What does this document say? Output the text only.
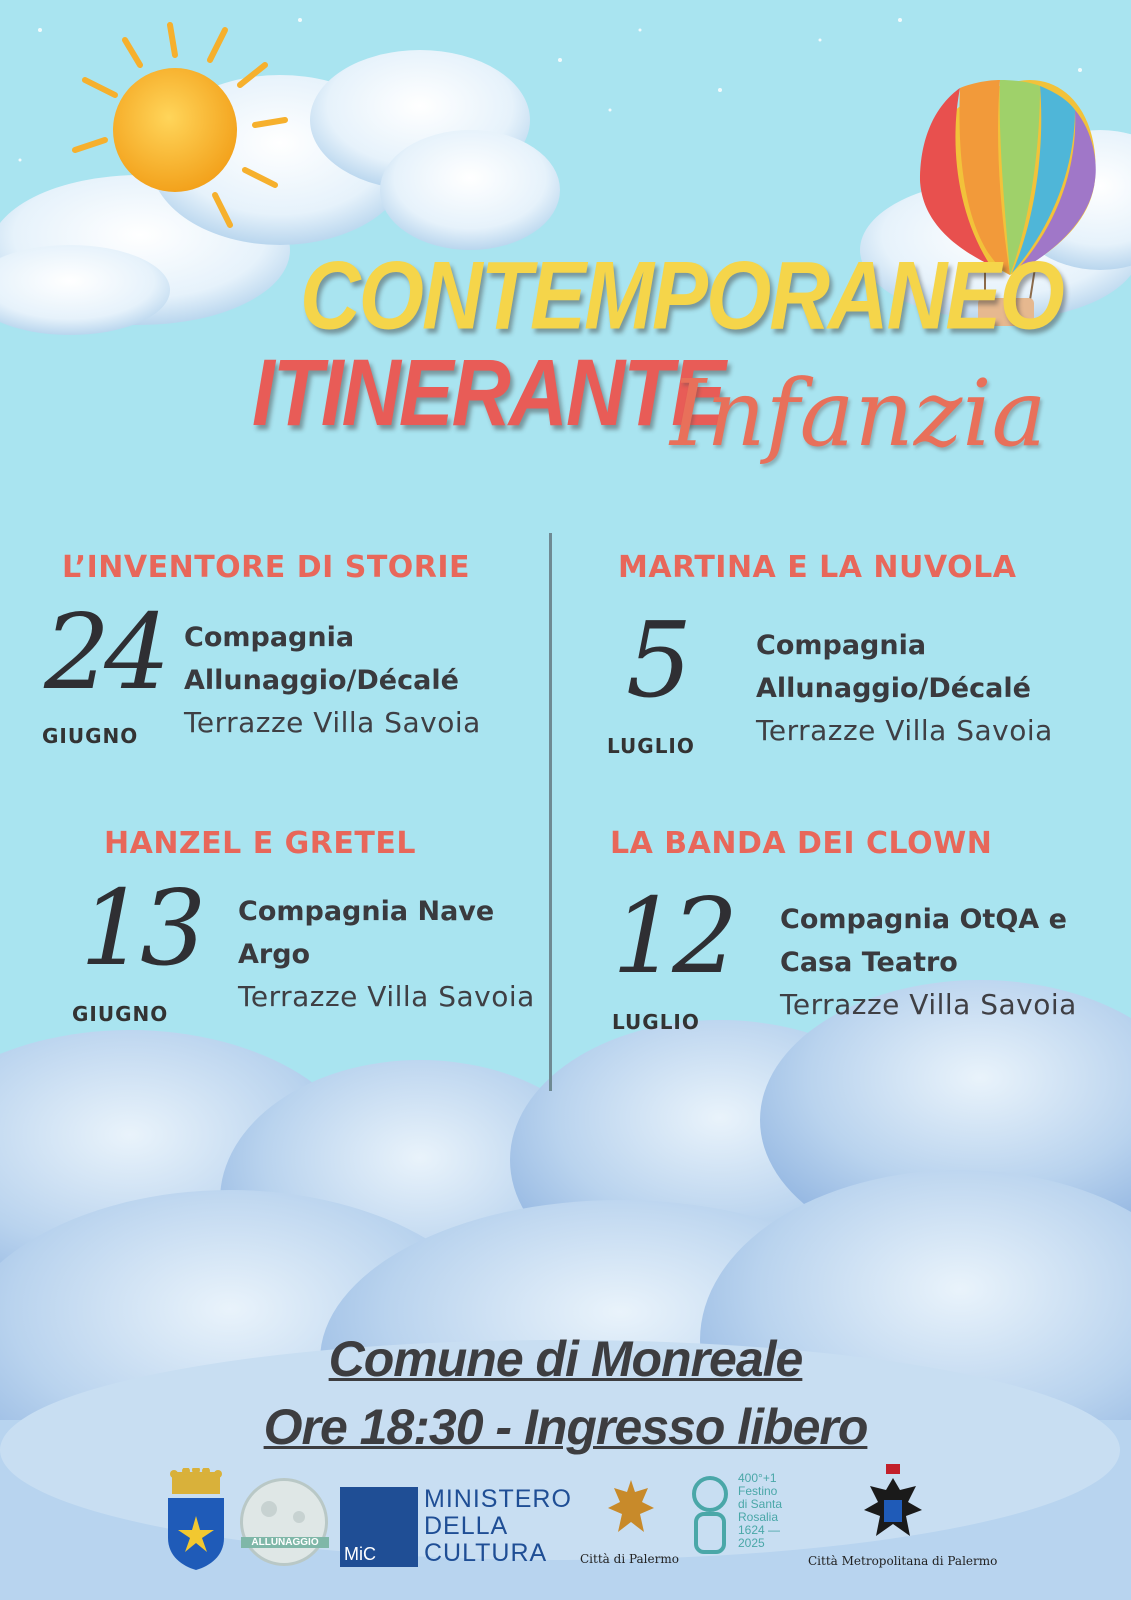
CONTEMPORANEO
ITINERANTE
Infanzia
L’INVENTORE DI STORIE
24
GIUGNO
Compagnia
Allunaggio/Décalé
Terrazze Villa Savoia
MARTINA E LA NUVOLA
5
LUGLIO
Compagnia
Allunaggio/Décalé
Terrazze Villa Savoia
HANZEL E GRETEL
13
GIUGNO
Compagnia Nave
Argo
Terrazze Villa Savoia
LA BANDA DEI CLOWN
12
LUGLIO
Compagnia OtQA e
Casa Teatro
Terrazze Villa Savoia
Comune di Monreale
Ore 18:30 - Ingresso libero
ALLUNAGGIO
MiC
MINISTERO
DELLA
CULTURA	Città di Palermo
400°+1
Festino
di Santa
Rosalia
1624 — 2025
Città Metropolitana di Palermo
